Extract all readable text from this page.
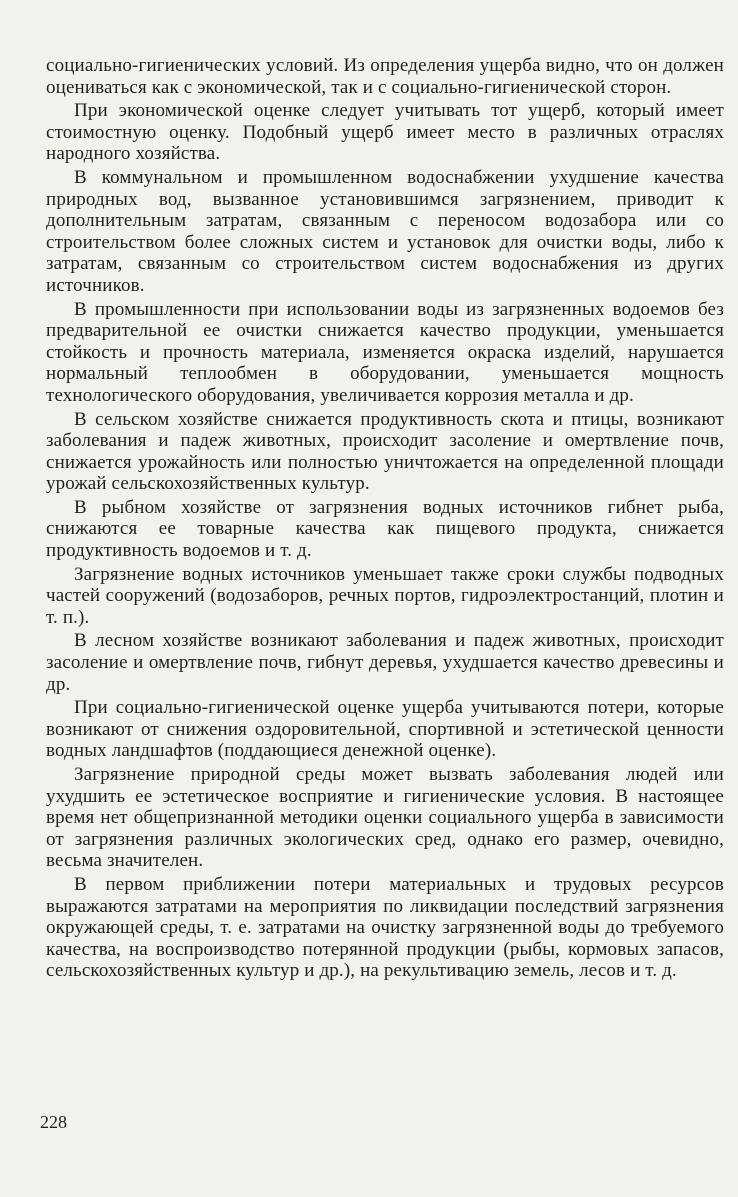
социально-гигиенических условий. Из определения ущерба видно, что он должен оцениваться как с экономической, так и с социально-гигиенической сторон.

При экономической оценке следует учитывать тот ущерб, который имеет стоимостную оценку. Подобный ущерб имеет место в различных отраслях народного хозяйства.

В коммунальном и промышленном водоснабжении ухудшение качества природных вод, вызванное установившимся загрязнением, приводит к дополнительным затратам, связанным с переносом водозабора или со строительством более сложных систем и установок для очистки воды, либо к затратам, связанным со строительством систем водоснабжения из других источников.

В промышленности при использовании воды из загрязненных водоемов без предварительной ее очистки снижается качество продукции, уменьшается стойкость и прочность материала, изменяется окраска изделий, нарушается нормальный теплообмен в оборудовании, уменьшается мощность технологического оборудования, увеличивается коррозия металла и др.

В сельском хозяйстве снижается продуктивность скота и птицы, возникают заболевания и падеж животных, происходит засоление и омертвление почв, снижается урожайность или полностью уничтожается на определенной площади урожай сельскохозяйственных культур.

В рыбном хозяйстве от загрязнения водных источников гибнет рыба, снижаются ее товарные качества как пищевого продукта, снижается продуктивность водоемов и т. д.

Загрязнение водных источников уменьшает также сроки службы подводных частей сооружений (водозаборов, речных портов, гидроэлектростанций, плотин и т. п.).

В лесном хозяйстве возникают заболевания и падеж животных, происходит засоление и омертвление почв, гибнут деревья, ухудшается качество древесины и др.

При социально-гигиенической оценке ущерба учитываются потери, которые возникают от снижения оздоровительной, спортивной и эстетической ценности водных ландшафтов (поддающиеся денежной оценке).

Загрязнение природной среды может вызвать заболевания людей или ухудшить ее эстетическое восприятие и гигиенические условия. В настоящее время нет общепризнанной методики оценки социального ущерба в зависимости от загрязнения различных экологических сред, однако его размер, очевидно, весьма значителен.

В первом приближении потери материальных и трудовых ресурсов выражаются затратами на мероприятия по ликвидации последствий загрязнения окружающей среды, т. е. затратами на очистку загрязненной воды до требуемого качества, на воспроизводство потерянной продукции (рыбы, кормовых запасов, сельскохозяйственных культур и др.), на рекультивацию земель, лесов и т. д.

228
